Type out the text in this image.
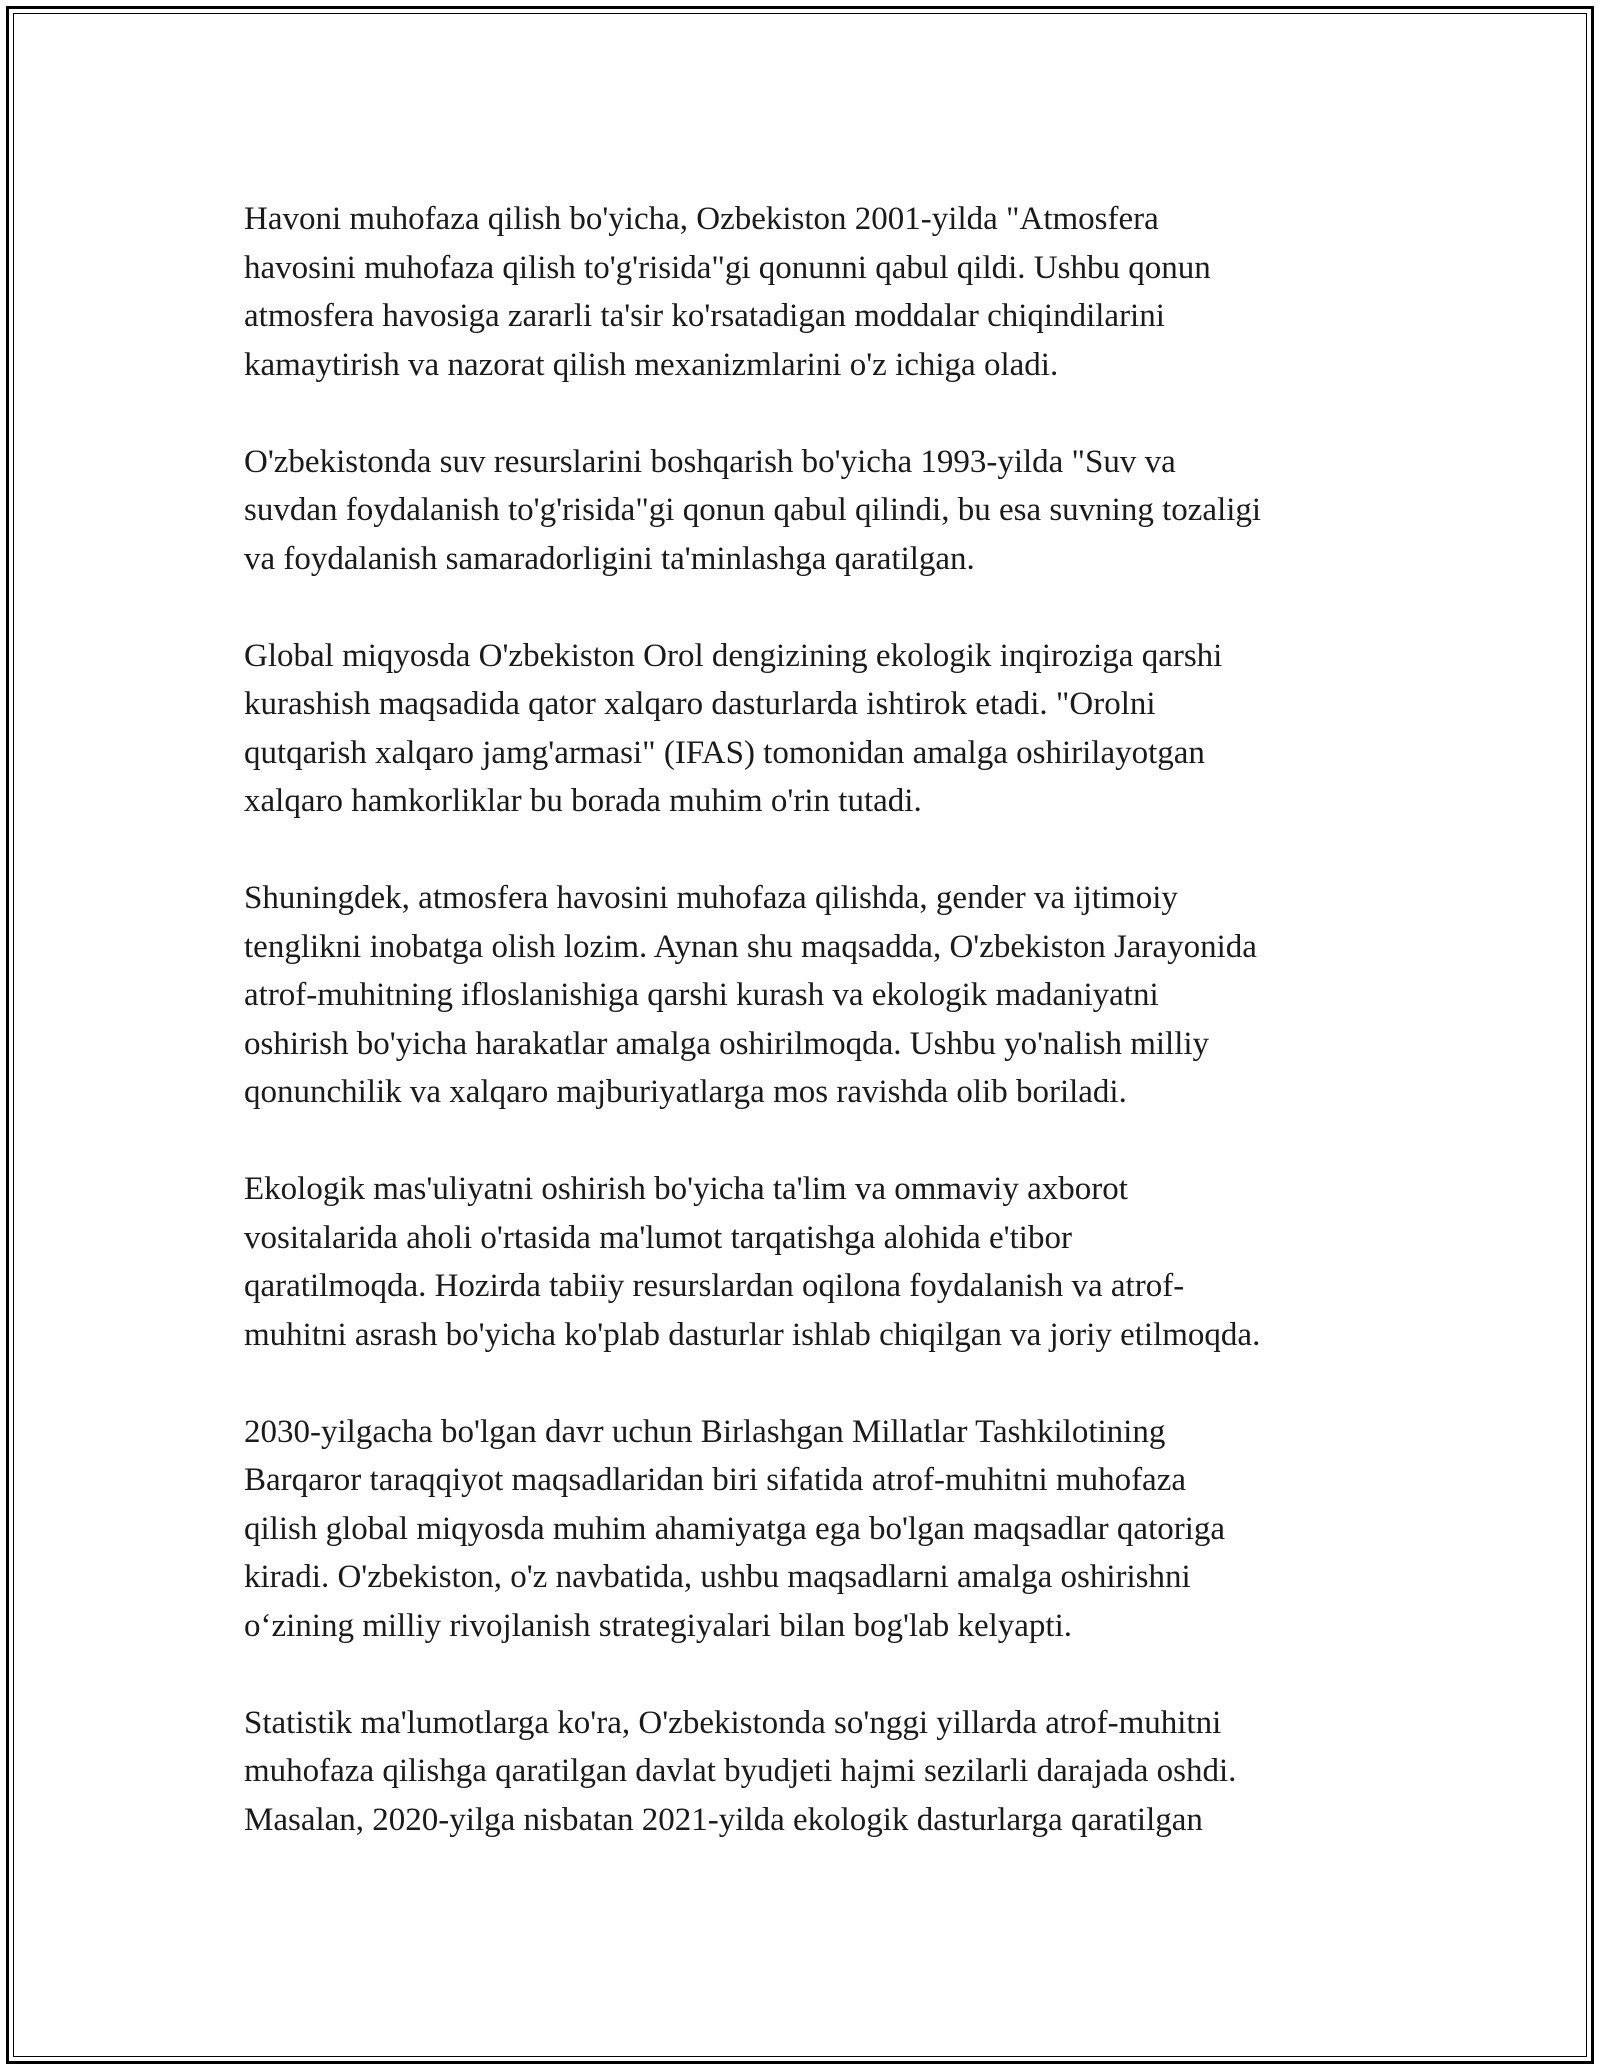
Havoni muhofaza qilish bo'yicha, Ozbekiston 2001-yilda "Atmosfera
havosini muhofaza qilish to'g'risida"gi qonunni qabul qildi. Ushbu qonun
atmosfera havosiga zararli ta'sir ko'rsatadigan moddalar chiqindilarini
kamaytirish va nazorat qilish mexanizmlarini o'z ichiga oladi.

O'zbekistonda suv resurslarini boshqarish bo'yicha 1993-yilda "Suv va
suvdan foydalanish to'g'risida"gi qonun qabul qilindi, bu esa suvning tozaligi
va foydalanish samaradorligini ta'minlashga qaratilgan.

Global miqyosda O'zbekiston Orol dengizining ekologik inqiroziga qarshi
kurashish maqsadida qator xalqaro dasturlarda ishtirok etadi. "Orolni
qutqarish xalqaro jamg'armasi" (IFAS) tomonidan amalga oshirilayotgan
xalqaro hamkorliklar bu borada muhim o'rin tutadi.

Shuningdek, atmosfera havosini muhofaza qilishda, gender va ijtimoiy
tenglikni inobatga olish lozim. Aynan shu maqsadda, O'zbekiston Jarayonida
atrof-muhitning ifloslanishiga qarshi kurash va ekologik madaniyatni
oshirish bo'yicha harakatlar amalga oshirilmoqda. Ushbu yo'nalish milliy
qonunchilik va xalqaro majburiyatlarga mos ravishda olib boriladi.

Ekologik mas'uliyatni oshirish bo'yicha ta'lim va ommaviy axborot
vositalarida aholi o'rtasida ma'lumot tarqatishga alohida e'tibor
qaratilmoqda. Hozirda tabiiy resurslardan oqilona foydalanish va atrof-
muhitni asrash bo'yicha ko'plab dasturlar ishlab chiqilgan va joriy etilmoqda.

2030-yilgacha bo'lgan davr uchun Birlashgan Millatlar Tashkilotining
Barqaror taraqqiyot maqsadlaridan biri sifatida atrof-muhitni muhofaza
qilish global miqyosda muhim ahamiyatga ega bo'lgan maqsadlar qatoriga
kiradi. O'zbekiston, o'z navbatida, ushbu maqsadlarni amalga oshirishni
o‘zining milliy rivojlanish strategiyalari bilan bog'lab kelyapti.

Statistik ma'lumotlarga ko'ra, O'zbekistonda so'nggi yillarda atrof-muhitni
muhofaza qilishga qaratilgan davlat byudjeti hajmi sezilarli darajada oshdi.
Masalan, 2020-yilga nisbatan 2021-yilda ekologik dasturlarga qaratilgan
